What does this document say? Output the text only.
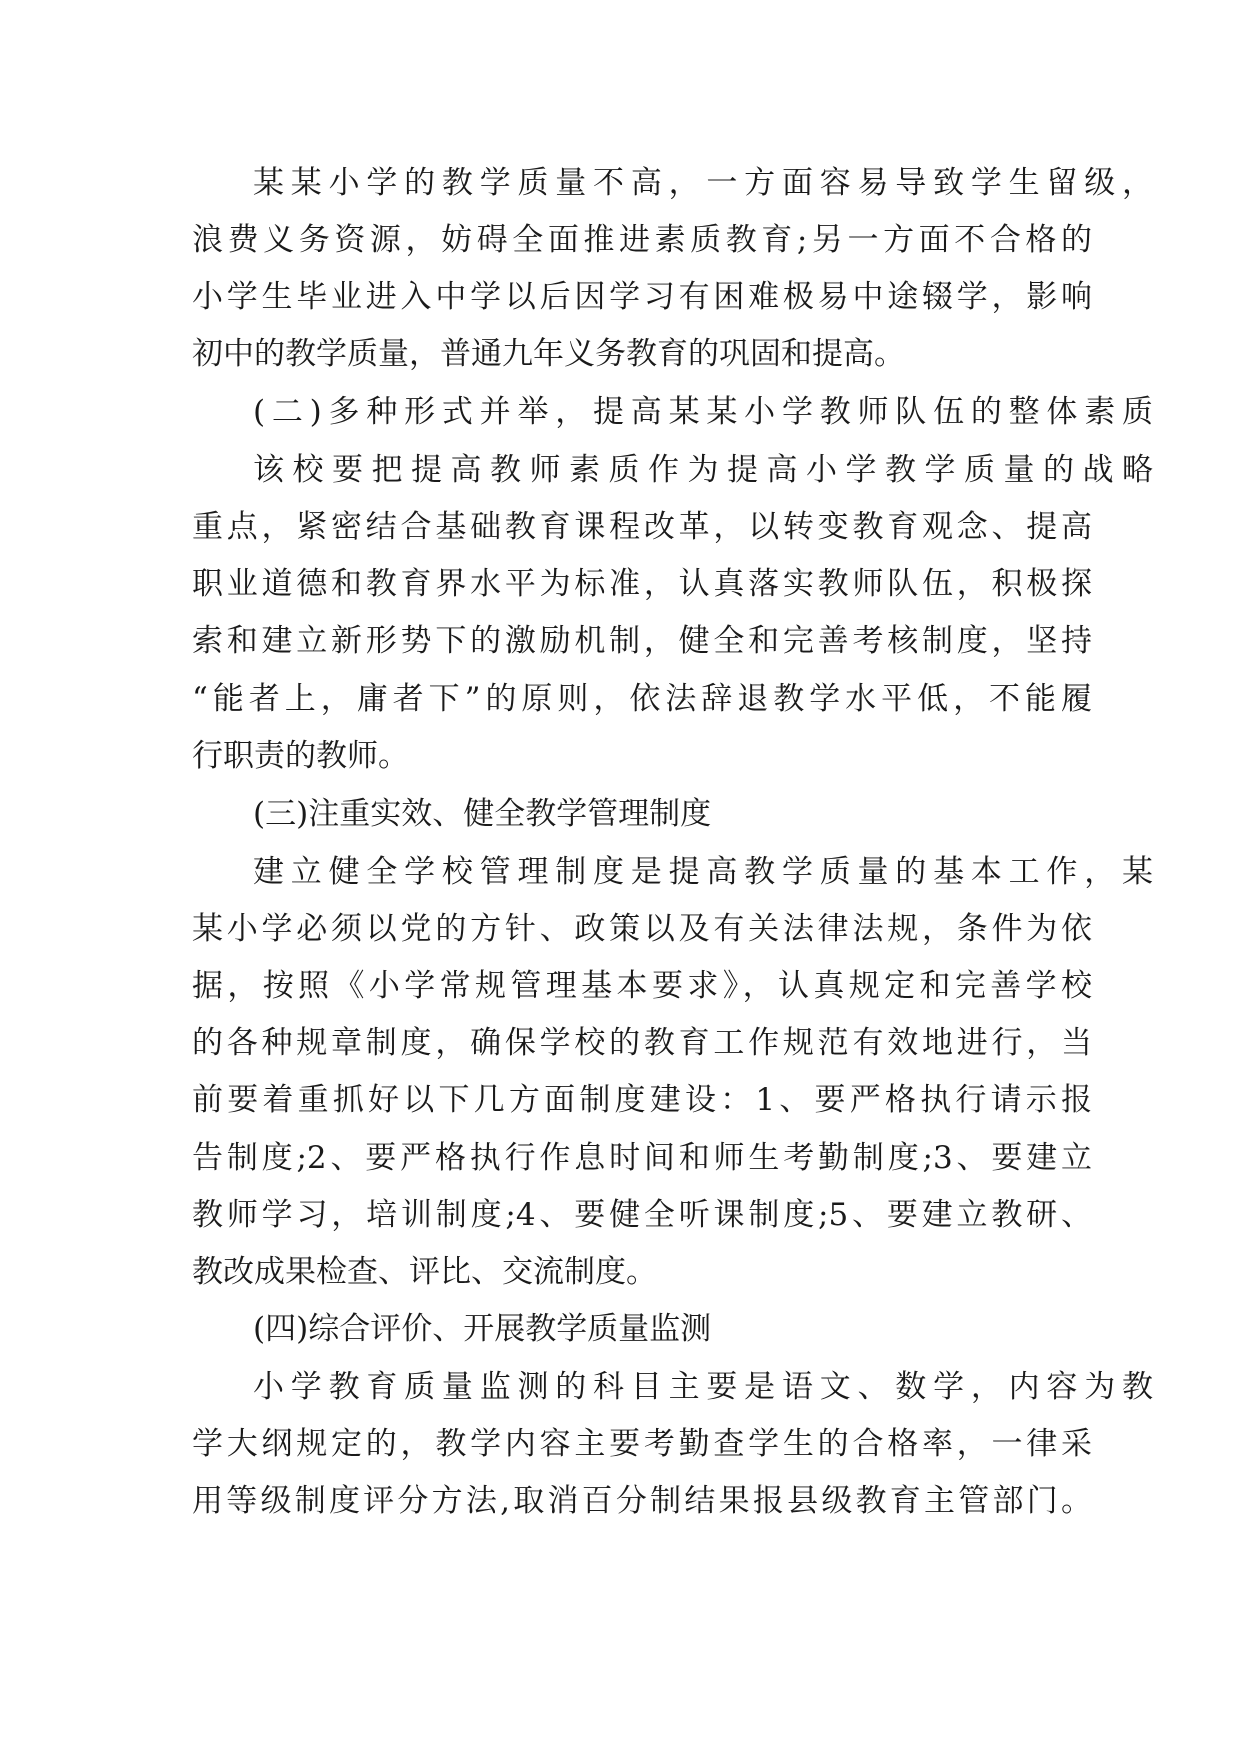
某某小学的教学质量不高，一方面容易导致学生留级，
浪费义务资源，妨碍全面推进素质教育;另一方面不合格的
小学生毕业进入中学以后因学习有困难极易中途辍学，影响
初中的教学质量，普通九年义务教育的巩固和提高。
(二)多种形式并举，提高某某小学教师队伍的整体素质
该校要把提高教师素质作为提高小学教学质量的战略
重点，紧密结合基础教育课程改革，以转变教育观念、提高
职业道德和教育界水平为标准，认真落实教师队伍，积极探
索和建立新形势下的激励机制，健全和完善考核制度，坚持
“能者上，庸者下”的原则，依法辞退教学水平低，不能履
行职责的教师。
(三)注重实效、健全教学管理制度
建立健全学校管理制度是提高教学质量的基本工作，某
某小学必须以党的方针、政策以及有关法律法规，条件为依
据，按照《小学常规管理基本要求》，认真规定和完善学校
的各种规章制度，确保学校的教育工作规范有效地进行，当
前要着重抓好以下几方面制度建设：1、要严格执行请示报
告制度;2、要严格执行作息时间和师生考勤制度;3、要建立
教师学习，培训制度;4、要健全听课制度;5、要建立教研、
教改成果检查、评比、交流制度。
(四)综合评价、开展教学质量监测
小学教育质量监测的科目主要是语文、数学，内容为教
学大纲规定的，教学内容主要考勤查学生的合格率，一律采
用等级制度评分方法,取消百分制结果报县级教育主管部门。
